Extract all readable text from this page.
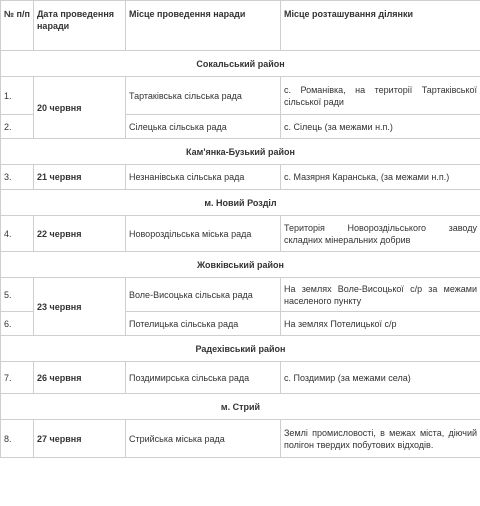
№ п/п	Дата проведення наради	Місце проведення наради	Місце розташування ділянки
Сокальський район			
1.	20 червня	Тартаківська сільська рада	с. Романівка, на території Тартаківської сільської ради
2.		Сілецька сільська рада	с. Сілець (за межами н.п.)
Кам'янка-Бузький район			
3.	21 червня	Незнанівська сільська рада	с. Мазярня Каранська, (за межами н.п.)
м. Новий Розділ			
4.	22 червня	Новороздільська міська рада	Територія Новороздільського заводу складних мінеральних добрив
Жовківський район			
5.	23 червня	Воле-Висоцька сільська рада	На землях Воле-Висоцької с/р за межами населеного пункту
6.		Потелицька сільська рада	На землях Потелицької с/р
Радехівський район			
7.	26 червня	Поздимирська сільська рада	с. Поздимир (за межами села)
м. Стрий			
8.	27 червня	Стрийська міська рада	Землі промисловості, в межах міста, діючий полігон твердих побутових відходів.
